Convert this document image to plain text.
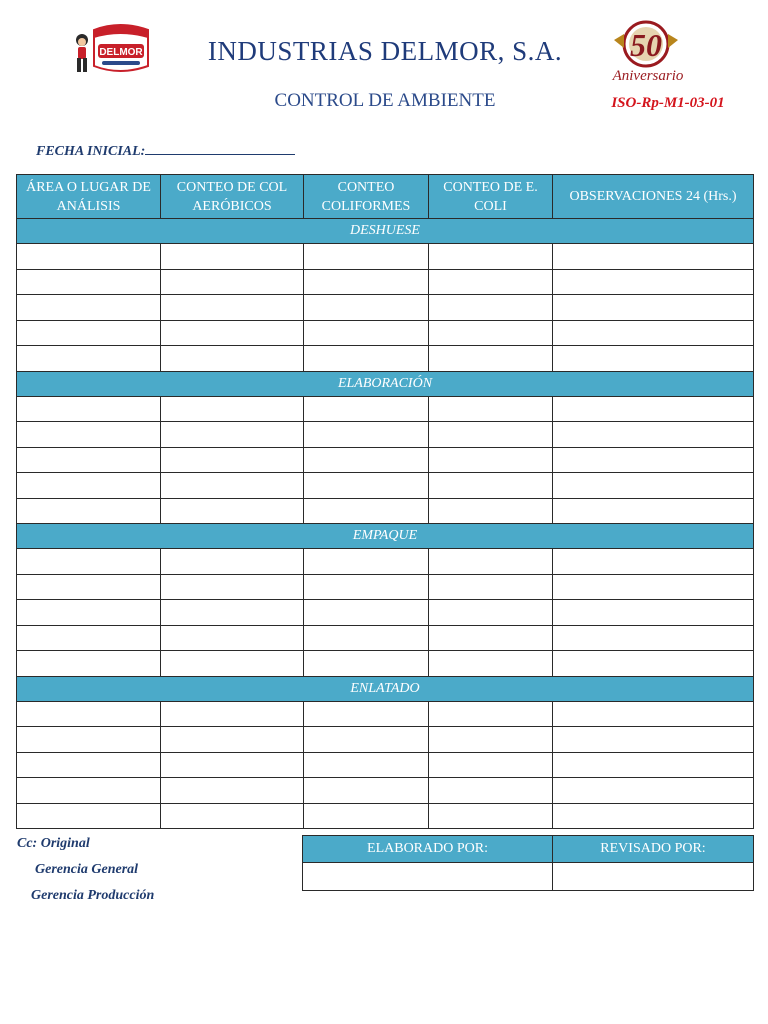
DELMOR	50
Aniversario
INDUSTRIAS DELMOR, S.A.
CONTROL DE AMBIENTE	ISO-Rp-M1-03-01
FECHA INICIAL:
ÁREA O LUGAR DE ANÁLISIS	CONTEO DE COL AERÓBICOS	CONTEO COLIFORMES	CONTEO DE E. COLI	OBSERVACIONES 24 (Hrs.)
DESHUESE				

ELABORACIÓN				

EMPAQUE				

ENLATADO				

Cc: Original
Gerencia General
Gerencia Producción
ELABORADO POR:	REVISADO POR:
